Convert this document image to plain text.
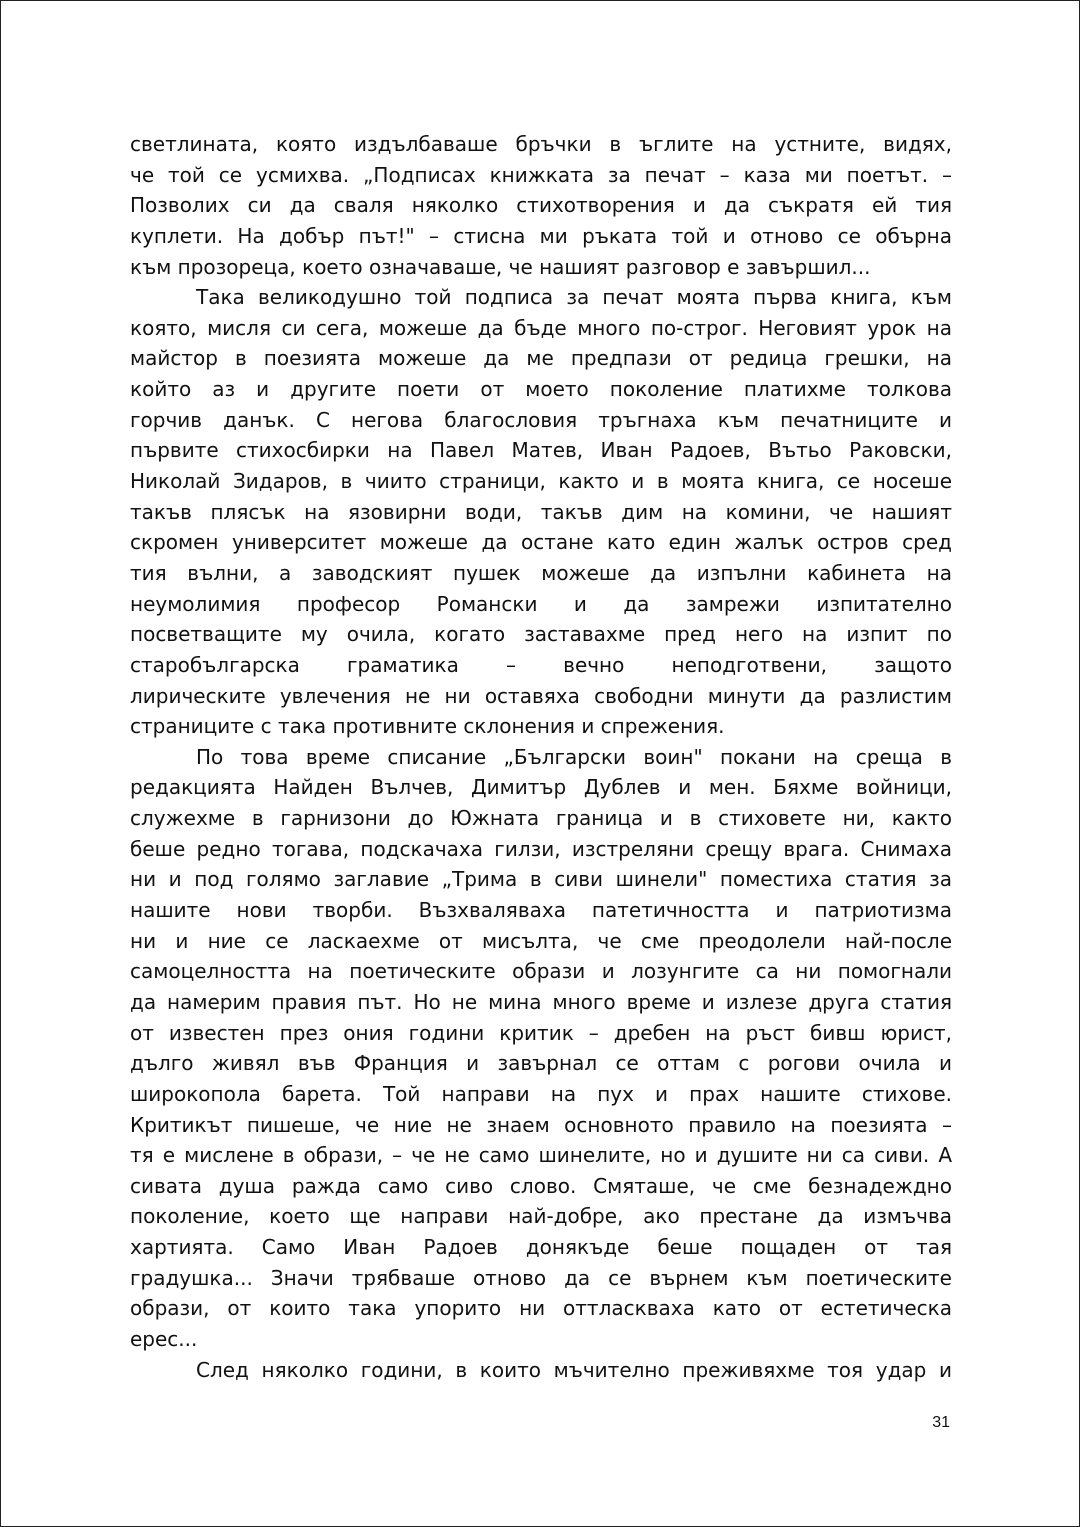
светлината, която издълбаваше бръчки в ъглите на устните, видях,
че той се усмихва. „Подписах книжката за печат – каза ми поетът. –
Позволих си да сваля няколко стихотворения и да съкратя ей тия
куплети. На добър път!" – стисна ми ръката той и отново се обърна
към прозореца, което означаваше, че нашият разговор е завършил...
Така великодушно той подписа за печат моята първа книга, към
която, мисля си сега, можеше да бъде много по-строг. Неговият урок на
майстор в поезията можеше да ме предпази от редица грешки, на
който аз и другите поети от моето поколение платихме толкова
горчив данък. С негова благословия тръгнаха към печатниците и
първите стихосбирки на Павел Матев, Иван Радоев, Вътьо Раковски,
Николай Зидаров, в чиито страници, както и в моята книга, се носеше
такъв плясък на язовирни води, такъв дим на комини, че нашият
скромен университет можеше да остане като един жалък остров сред
тия вълни, а заводският пушек можеше да изпълни кабинета на
неумолимия професор Романски и да замрежи изпитателно
посветващите му очила, когато заставахме пред него на изпит по
старобългарска граматика – вечно неподготвени, защото
лирическите увлечения не ни оставяха свободни минути да разлистим
страниците с така противните склонения и спрежения.
По това време списание „Български воин" покани на среща в
редакцията Найден Вълчев, Димитър Дублев и мен. Бяхме войници,
служехме в гарнизони до Южната граница и в стиховете ни, както
беше редно тогава, подскачаха гилзи, изстреляни срещу врага. Снимаха
ни и под голямо заглавие „Трима в сиви шинели" поместиха статия за
нашите нови творби. Възхваляваха патетичността и патриотизма
ни и ние се ласкаехме от мисълта, че сме преодолели най-после
самоцелността на поетическите образи и лозунгите са ни помогнали
да намерим правия път. Но не мина много време и излезе друга статия
от известен през ония години критик – дребен на ръст бивш юрист,
дълго живял във Франция и завърнал се оттам с рогови очила и
широкопола барета. Той направи на пух и прах нашите стихове.
Критикът пишеше, че ние не знаем основното правило на поезията –
тя е мислене в образи, – че не само шинелите, но и душите ни са сиви. А
сивата душа ражда само сиво слово. Смяташе, че сме безнадеждно
поколение, което ще направи най-добре, ако престане да измъчва
хартията. Само Иван Радоев донякъде беше пощаден от тая
градушка... Значи трябваше отново да се върнем към поетическите
образи, от които така упорито ни оттласкваха като от естетическа
ерес...
След няколко години, в които мъчително преживяхме тоя удар и
31
